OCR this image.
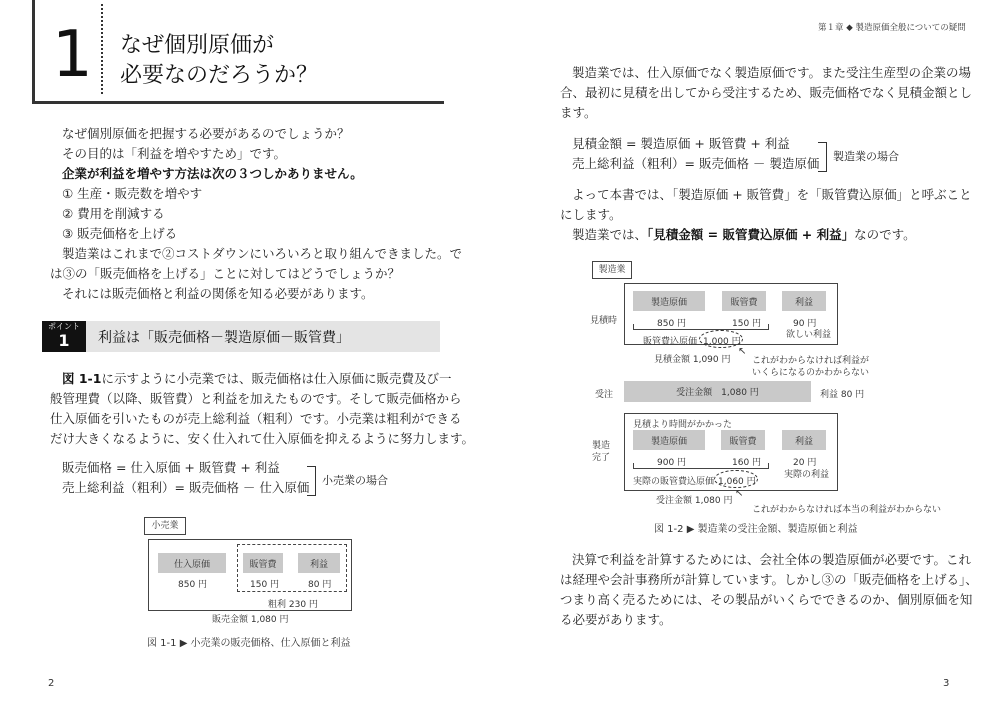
1 なぜ個別原価が
必要なのだろうか？
なぜ個別原価を把握する必要があるのでしょうか？
その目的は「利益を増やすため」です。
企業が利益を増やす方法は次の３つしかありません。
① 生産・販売数を増やす
② 費用を削減する
③ 販売価格を上げる
製造業はこれまで②コストダウンにいろいろと取り組んできました。で
は③の「販売価格を上げる」ことに対してはどうでしょうか？
それには販売価格と利益の関係を知る必要があります。
ポイント
1	利益は「販売価格－製造原価－販管費」
図 1-1に示すように小売業では、販売価格は仕入原価に販売費及び一
般管理費（以降、販管費）と利益を加えたものです。そして販売価格から
仕入原価を引いたものが売上総利益（粗利）です。小売業は粗利ができる
だけ大きくなるように、安く仕入れて仕入原価を抑えるように努力します。
販売価格 = 仕入原価 + 販管費 + 利益
売上総利益（粗利）= 販売価格 － 仕入原価 小売業の場合
小売業
仕入原価	販管費	利益
850 円	150 円	80 円
粗利 230 円
販売金額 1,080 円
図 1-1 ▶ 小売業の販売価格、仕入原価と利益
2
第１章 ◆ 製造原価全般についての疑問
製造業では、仕入原価でなく製造原価です。また受注生産型の企業の場
合、最初に見積を出してから受注するため、販売価格でなく見積金額とし
ます。
見積金額 = 製造原価 + 販管費 + 利益
売上総利益（粗利）= 販売価格 － 製造原価 製造業の場合
よって本書では、「製造原価 + 販管費」を「販管費込原価」と呼ぶこと
にします。
製造業では、「見積金額 = 販管費込原価 + 利益」なのです。
製造業
見積時
製造原価	販管費	利益
850 円	150 円	90 円
欲しい利益
販管費込原価 1,000 円
見積金額 1,090 円
↖
これがわからなければ利益が
いくらになるのかわからない
受注	受注金額　1,080 円	利益 80 円
製造
完了
見積より時間がかかった
製造原価	販管費	利益
900 円	160 円	20 円
実際の利益
実際の販管費込原価 1,060 円
受注金額 1,080 円
↖
これがわからなければ本当の利益がわからない
図 1-2 ▶ 製造業の受注金額、製造原価と利益
決算で利益を計算するためには、会社全体の製造原価が必要です。これ
は経理や会計事務所が計算しています。しかし③の「販売価格を上げる」、
つまり高く売るためには、その製品がいくらでできるのか、個別原価を知
る必要があります。
3
